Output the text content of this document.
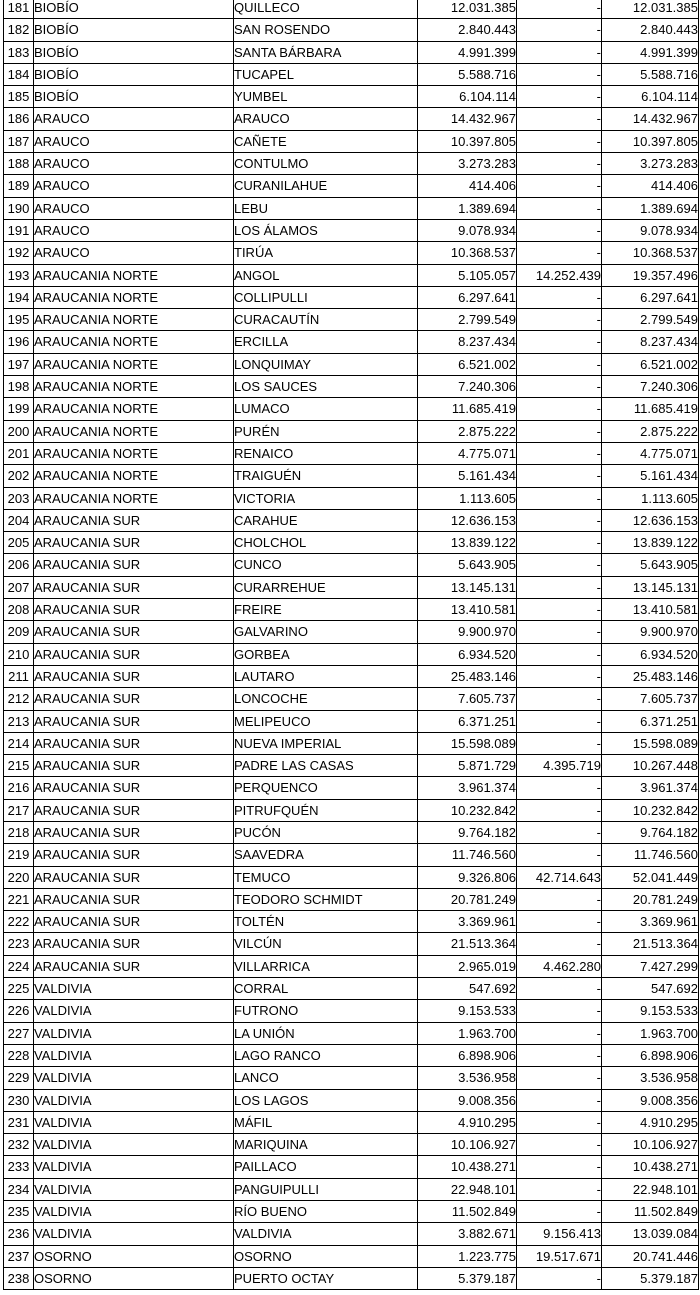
181	BIOBÍO	QUILLECO	12.031.385	-	12.031.385
182	BIOBÍO	SAN ROSENDO	2.840.443	-	2.840.443
183	BIOBÍO	SANTA BÁRBARA	4.991.399	-	4.991.399
184	BIOBÍO	TUCAPEL	5.588.716	-	5.588.716
185	BIOBÍO	YUMBEL	6.104.114	-	6.104.114
186	ARAUCO	ARAUCO	14.432.967	-	14.432.967
187	ARAUCO	CAÑETE	10.397.805	-	10.397.805
188	ARAUCO	CONTULMO	3.273.283	-	3.273.283
189	ARAUCO	CURANILAHUE	414.406	-	414.406
190	ARAUCO	LEBU	1.389.694	-	1.389.694
191	ARAUCO	LOS ÁLAMOS	9.078.934	-	9.078.934
192	ARAUCO	TIRÚA	10.368.537	-	10.368.537
193	ARAUCANIA NORTE	ANGOL	5.105.057	14.252.439	19.357.496
194	ARAUCANIA NORTE	COLLIPULLI	6.297.641	-	6.297.641
195	ARAUCANIA NORTE	CURACAUTÍN	2.799.549	-	2.799.549
196	ARAUCANIA NORTE	ERCILLA	8.237.434	-	8.237.434
197	ARAUCANIA NORTE	LONQUIMAY	6.521.002	-	6.521.002
198	ARAUCANIA NORTE	LOS SAUCES	7.240.306	-	7.240.306
199	ARAUCANIA NORTE	LUMACO	11.685.419	-	11.685.419
200	ARAUCANIA NORTE	PURÉN	2.875.222	-	2.875.222
201	ARAUCANIA NORTE	RENAICO	4.775.071	-	4.775.071
202	ARAUCANIA NORTE	TRAIGUÉN	5.161.434	-	5.161.434
203	ARAUCANIA NORTE	VICTORIA	1.113.605	-	1.113.605
204	ARAUCANIA SUR	CARAHUE	12.636.153	-	12.636.153
205	ARAUCANIA SUR	CHOLCHOL	13.839.122	-	13.839.122
206	ARAUCANIA SUR	CUNCO	5.643.905	-	5.643.905
207	ARAUCANIA SUR	CURARREHUE	13.145.131	-	13.145.131
208	ARAUCANIA SUR	FREIRE	13.410.581	-	13.410.581
209	ARAUCANIA SUR	GALVARINO	9.900.970	-	9.900.970
210	ARAUCANIA SUR	GORBEA	6.934.520	-	6.934.520
211	ARAUCANIA SUR	LAUTARO	25.483.146	-	25.483.146
212	ARAUCANIA SUR	LONCOCHE	7.605.737	-	7.605.737
213	ARAUCANIA SUR	MELIPEUCO	6.371.251	-	6.371.251
214	ARAUCANIA SUR	NUEVA IMPERIAL	15.598.089	-	15.598.089
215	ARAUCANIA SUR	PADRE LAS CASAS	5.871.729	4.395.719	10.267.448
216	ARAUCANIA SUR	PERQUENCO	3.961.374	-	3.961.374
217	ARAUCANIA SUR	PITRUFQUÉN	10.232.842	-	10.232.842
218	ARAUCANIA SUR	PUCÓN	9.764.182	-	9.764.182
219	ARAUCANIA SUR	SAAVEDRA	11.746.560	-	11.746.560
220	ARAUCANIA SUR	TEMUCO	9.326.806	42.714.643	52.041.449
221	ARAUCANIA SUR	TEODORO SCHMIDT	20.781.249	-	20.781.249
222	ARAUCANIA SUR	TOLTÉN	3.369.961	-	3.369.961
223	ARAUCANIA SUR	VILCÚN	21.513.364	-	21.513.364
224	ARAUCANIA SUR	VILLARRICA	2.965.019	4.462.280	7.427.299
225	VALDIVIA	CORRAL	547.692	-	547.692
226	VALDIVIA	FUTRONO	9.153.533	-	9.153.533
227	VALDIVIA	LA UNIÓN	1.963.700	-	1.963.700
228	VALDIVIA	LAGO RANCO	6.898.906	-	6.898.906
229	VALDIVIA	LANCO	3.536.958	-	3.536.958
230	VALDIVIA	LOS LAGOS	9.008.356	-	9.008.356
231	VALDIVIA	MÁFIL	4.910.295	-	4.910.295
232	VALDIVIA	MARIQUINA	10.106.927	-	10.106.927
233	VALDIVIA	PAILLACO	10.438.271	-	10.438.271
234	VALDIVIA	PANGUIPULLI	22.948.101	-	22.948.101
235	VALDIVIA	RÍO BUENO	11.502.849	-	11.502.849
236	VALDIVIA	VALDIVIA	3.882.671	9.156.413	13.039.084
237	OSORNO	OSORNO	1.223.775	19.517.671	20.741.446
238	OSORNO	PUERTO OCTAY	5.379.187	-	5.379.187
